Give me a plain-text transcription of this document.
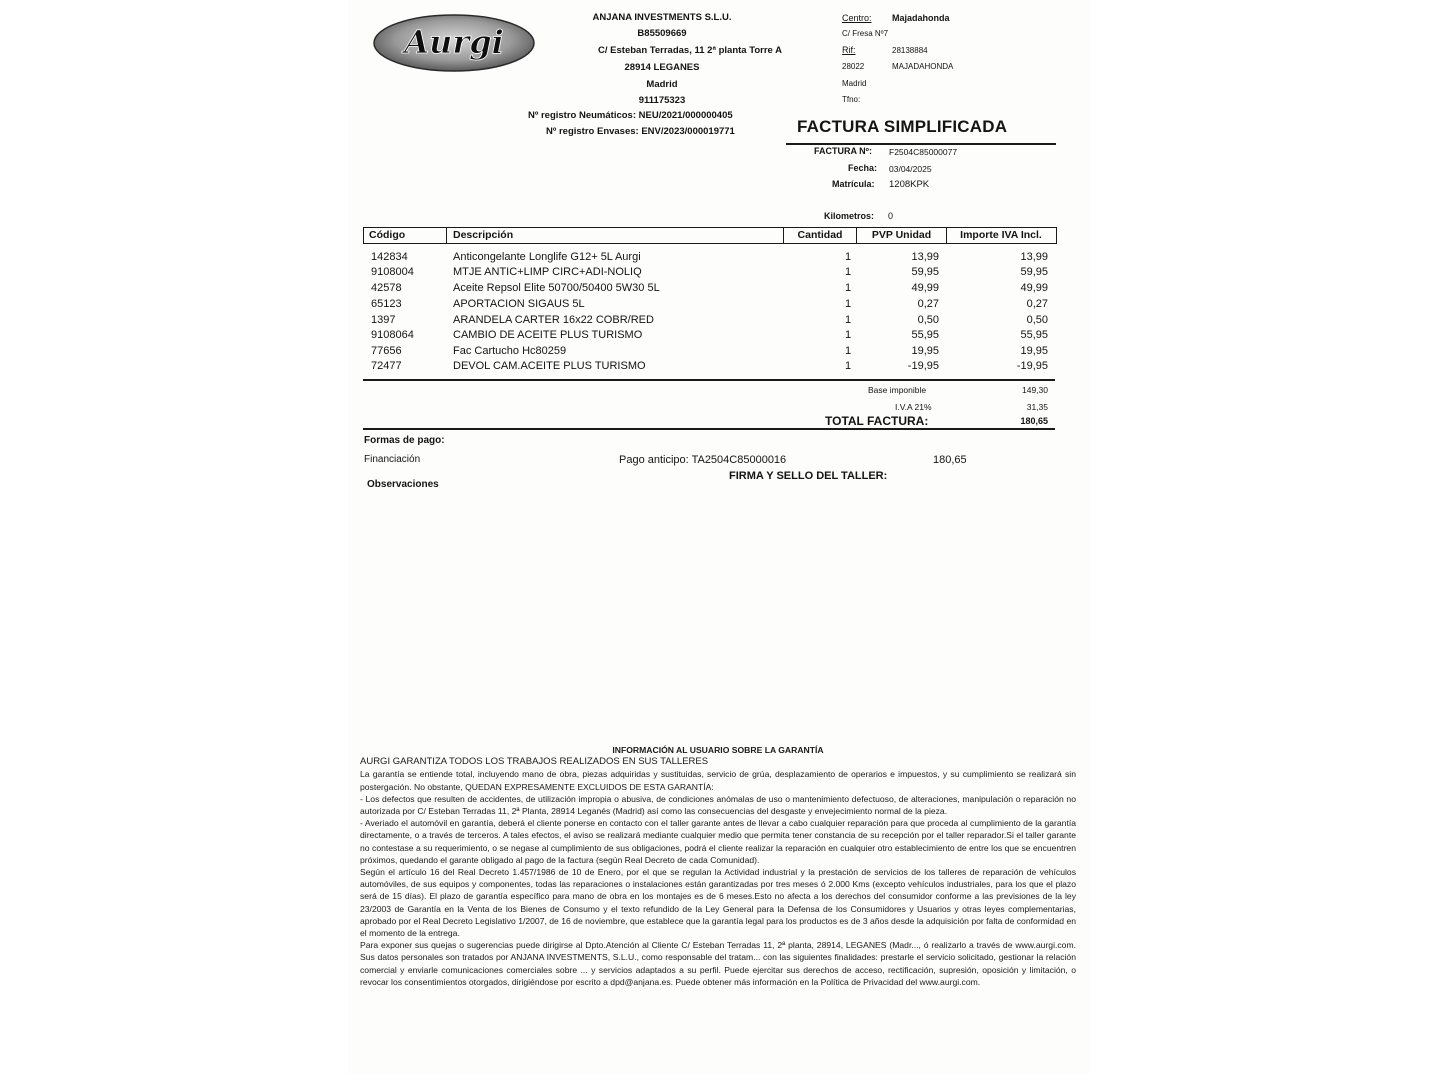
Aurgi
ANJANA INVESTMENTS S.L.U.
B85509669
C/ Esteban Terradas, 11 2ª planta Torre A
28914 LEGANES
Madrid
911175323
Nº registro Neumáticos: NEU/2021/000000405
Nº registro Envases: ENV/2023/000019771
Centro: Majadahonda
C/ Fresa Nº7
Rif:	28138884
28022	MAJADAHONDA
Madrid
Tfno:
FACTURA SIMPLIFICADA
FACTURA Nº: F2504C85000077
Fecha: 03/04/2025
Matrícula: 1208KPK
Kilometros: 0
Código	Descripción	Cantidad	PVP Unidad	Importe IVA Incl.
142834	Anticongelante Longlife G12+ 5L Aurgi	1	13,99	13,99
9108004	MTJE ANTIC+LIMP CIRC+ADI-NOLIQ	1	59,95	59,95
42578	Aceite Repsol Elite 50700/50400 5W30 5L	1	49,99	49,99
65123	APORTACION SIGAUS 5L	1	0,27	0,27
1397	ARANDELA CARTER 16x22 COBR/RED	1	0,50	0,50
9108064	CAMBIO DE ACEITE PLUS TURISMO	1	55,95	55,95
77656	Fac Cartucho Hc80259	1	19,95	19,95
72477	DEVOL CAM.ACEITE PLUS TURISMO	1	-19,95	-19,95
Base imponible	149,30
I.V.A 21%	31,35
TOTAL FACTURA:	180,65
Formas de pago:
Financiación	Pago anticipo: TA2504C85000016	180,65
FIRMA Y SELLO DEL TALLER:
Observaciones
INFORMACIÓN AL USUARIO SOBRE LA GARANTÍA
AURGI GARANTIZA TODOS LOS TRABAJOS REALIZADOS EN SUS TALLERES

La garantía se entiende total, incluyendo mano de obra, piezas adquiridas y sustituidas, servicio de grúa, desplazamiento de operarios e impuestos, y su cumplimiento se realizará sin postergación. No obstante, QUEDAN EXPRESAMENTE EXCLUIDOS DE ESTA GARANTÍA:

- Los defectos que resulten de accidentes, de utilización impropia o abusiva, de condiciones anómalas de uso o mantenimiento defectuoso, de alteraciones, manipulación o reparación no autorizada por C/ Esteban Terradas 11, 2ª Planta, 28914 Leganés (Madrid) así como las consecuencias del desgaste y envejecimiento normal de la pieza.

- Averiado el automóvil en garantía, deberá el cliente ponerse en contacto con el taller garante antes de llevar a cabo cualquier reparación para que proceda al cumplimiento de la garantía directamente, o a través de terceros. A tales efectos, el aviso se realizará mediante cualquier medio que permita tener constancia de su recepción por el taller reparador.Si el taller garante no contestase a su requerimiento, o se negase al cumplimiento de sus obligaciones, podrá el cliente realizar la reparación en cualquier otro establecimiento de entre los que se encuentren próximos, quedando el garante obligado al pago de la factura (según Real Decreto de cada Comunidad).

Según el artículo 16 del Real Decreto 1.457/1986 de 10 de Enero, por el que se regulan la Actividad industrial y la prestación de servicios de los talleres de reparación de vehículos automóviles, de sus equipos y componentes, todas las reparaciones o instalaciones están garantizadas por tres meses ó 2.000 Kms (excepto vehículos industriales, para los que el plazo será de 15 días). El plazo de garantía específico para mano de obra en los montajes es de 6 meses.Esto no afecta a los derechos del consumidor conforme a las previsiones de la ley 23/2003 de Garantía en la Venta de los Bienes de Consumo y el texto refundido de la Ley General para la Defensa de los Consumidores y Usuarios y otras leyes complementarias, aprobado por el Real Decreto Legislativo 1/2007, de 16 de noviembre, que establece que la garantía legal para los productos es de 3 años desde la adquisición por falta de conformidad en el momento de la entrega.

Para exponer sus quejas o sugerencias puede dirigirse al Dpto.Atención al Cliente C/ Esteban Terradas 11, 2ª planta, 28914, LEGANES (Madr..., ó realizarlo a través de www.aurgi.com. Sus datos personales son tratados por ANJANA INVESTMENTS, S.L.U., como responsable del tratam... con las siguientes finalidades: prestarle el servicio solicitado, gestionar la relación comercial y enviarle comunicaciones comerciales sobre ... y servicios adaptados a su perfil. Puede ejercitar sus derechos de acceso, rectificación, supresión, oposición y limitación, o revocar los consentimientos otorgados, dirigiéndose por escrito a dpd@anjana.es. Puede obtener más información en la Política de Privacidad del www.aurgi.com.
